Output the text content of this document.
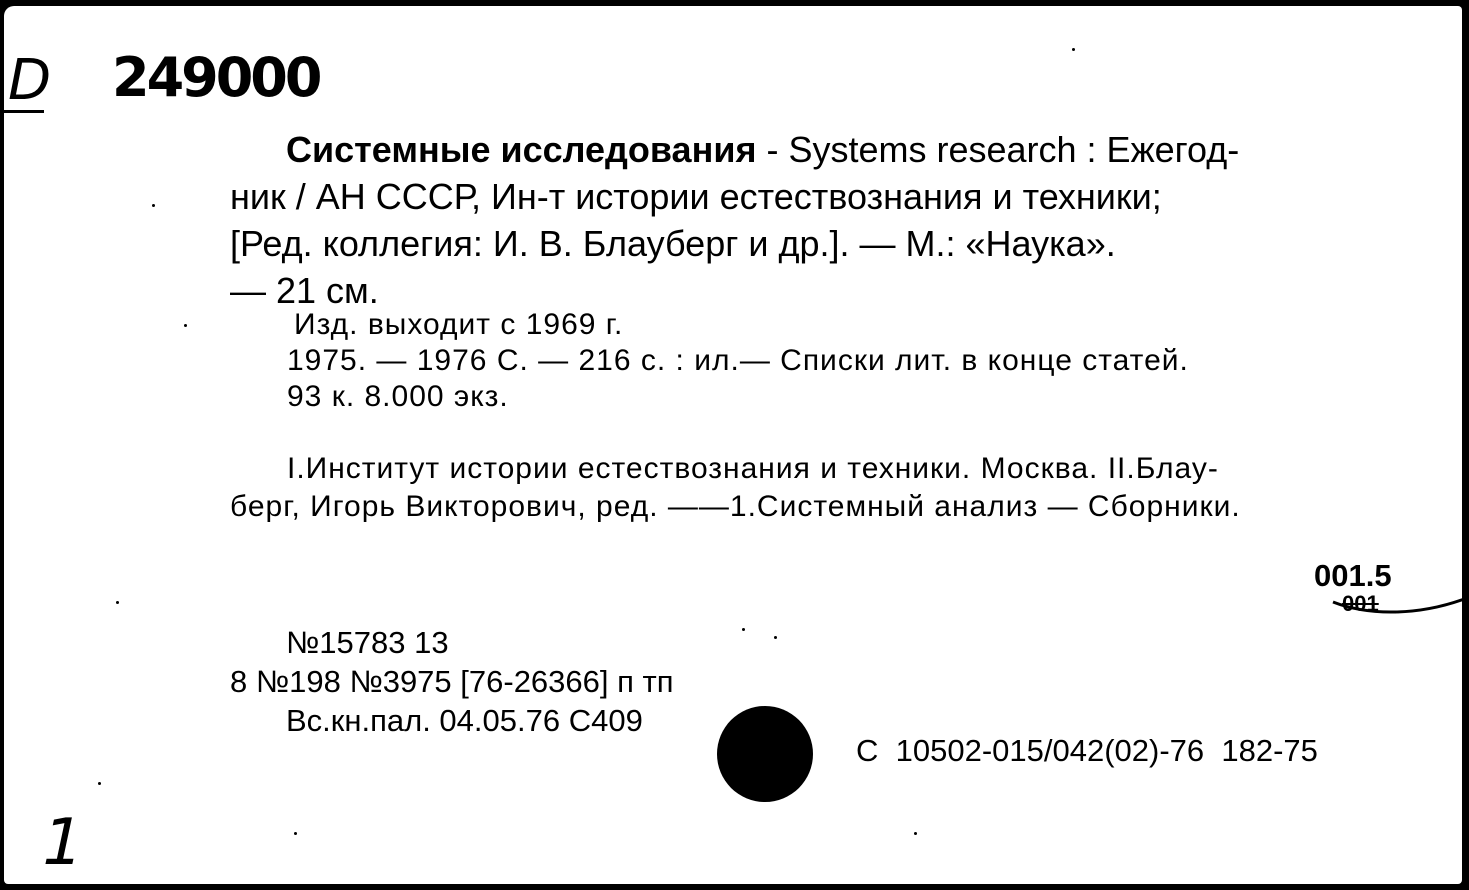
D 249000
Системные исследования - Systems research : Ежегод-
ник / АН СССР, Ин-т истории естествознания и техники;
[Ред. коллегия: И. В. Блауберг и др.]. — М.: «Наука».
— 21 см.
Изд. выходит с 1969 г.
1975. — 1976 С. — 216 с. : ил.— Списки лит. в конце статей.
93 к. 8.000 экз.
I.Институт истории естествознания и техники. Москва. II.Блау-
берг, Игорь Викторович, ред. ——1.Системный анализ — Сборники.
001.5
001
№15783 13
8 №198 №3975 [76-26366] п тп
Вс.кн.пал. 04.05.76 С409
С  10502-015/042(02)-76  182-75
1
